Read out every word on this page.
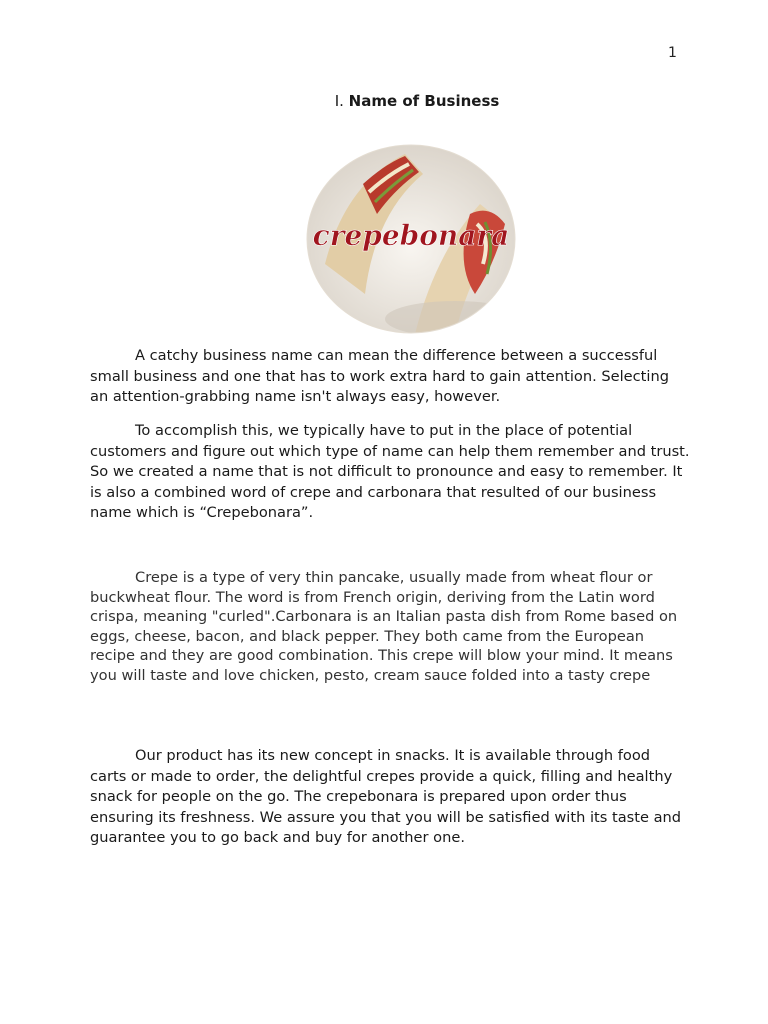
1
I. Name of Business
crepebonara

A catchy business name can mean the difference between a successful small business and one that has to work extra hard to gain attention. Selecting an attention-grabbing name isn't always easy, however.

To accomplish this, we typically have to put in the place of potential customers and figure out which type of name can help them remember and trust. So we created a name that is not difficult to pronounce and easy to remember. It is also a combined word of crepe and carbonara that resulted of our business name which is “Crepebonara”.

Crepe is a type of very thin pancake, usually made from wheat flour or buckwheat flour. The word is from French origin, deriving from the Latin word crispa, meaning "curled".Carbonara is an Italian pasta dish from Rome based on eggs, cheese, bacon, and black pepper. They both came from the European recipe and they are good combination. This crepe will blow your mind. It means you will taste and love chicken, pesto, cream sauce folded into a tasty crepe

Our product has its new concept in snacks. It is available through food carts or made to order, the delightful crepes provide a quick, filling and healthy snack for people on the go. The crepebonara is prepared upon order thus ensuring its freshness. We assure you that you will be satisfied with its taste and guarantee you to go back and buy for another one.
